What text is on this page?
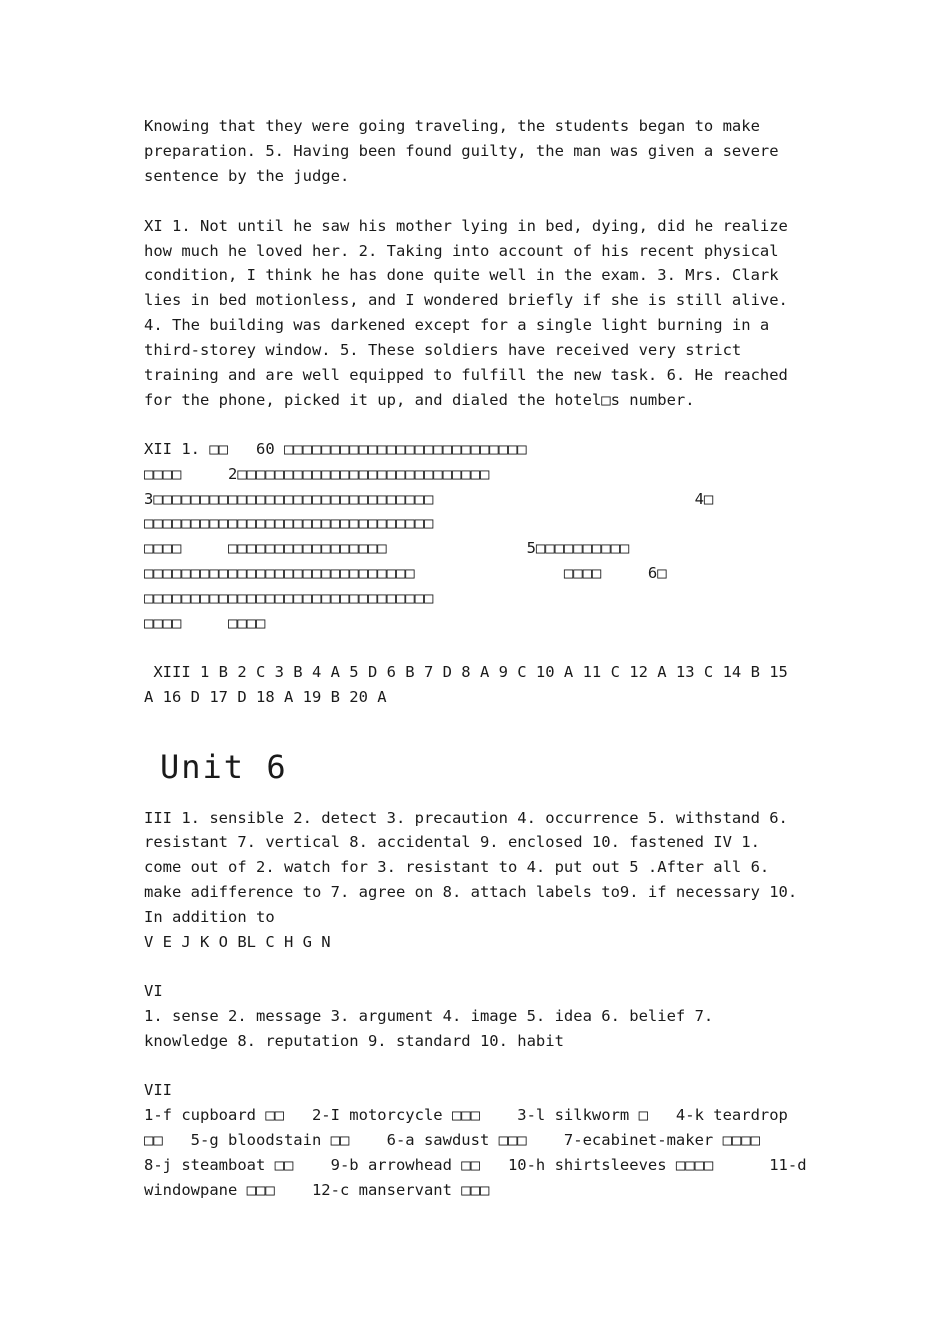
Knowing that they were going traveling, the students began to make
preparation. 5. Having been found guilty, the man was given a severe
sentence by the judge.
XI 1. Not until he saw his mother lying in bed, dying, did he realize
how much he loved her. 2. Taking into account of his recent physical
condition, I think he has done quite well in the exam. 3. Mrs. Clark
lies in bed motionless, and I wondered briefly if she is still alive.
4. The building was darkened except for a single light burning in a
third-storey window. 5. These soldiers have received very strict
training and are well equipped to fulfill the new task. 6. He reached
for the phone, picked it up, and dialed the hotel□s number.
XII 1. □□   60 □□□□□□□□□□□□□□□□□□□□□□□□□□
□□□□     2□□□□□□□□□□□□□□□□□□□□□□□□□□□
3□□□□□□□□□□□□□□□□□□□□□□□□□□□□□□                            4□
□□□□□□□□□□□□□□□□□□□□□□□□□□□□□□□
□□□□     □□□□□□□□□□□□□□□□□               5□□□□□□□□□□
□□□□□□□□□□□□□□□□□□□□□□□□□□□□□                □□□□     6□
□□□□□□□□□□□□□□□□□□□□□□□□□□□□□□□
□□□□     □□□□
XIII 1 B 2 C 3 B 4 A 5 D 6 B 7 D 8 A 9 C 10 A 11 C 12 A 13 C 14 B 15
A 16 D 17 D 18 A 19 B 20 A
Unit 6
III 1. sensible 2. detect 3. precaution 4. occurrence 5. withstand 6.
resistant 7. vertical 8. accidental 9. enclosed 10. fastened IV 1.
come out of 2. watch for 3. resistant to 4. put out 5 .After all 6.
make adifference to 7. agree on 8. attach labels to9. if necessary 10.
In addition to
V E J K O BL C H G N
VI
1. sense 2. message 3. argument 4. image 5. idea 6. belief 7.
knowledge 8. reputation 9. standard 10. habit
VII
1-f cupboard □□   2-I motorcycle □□□    3-l silkworm □   4-k teardrop
□□   5-g bloodstain □□    6-a sawdust □□□    7-ecabinet-maker □□□□
8-j steamboat □□    9-b arrowhead □□   10-h shirtsleeves □□□□      11-d
windowpane □□□    12-c manservant □□□
